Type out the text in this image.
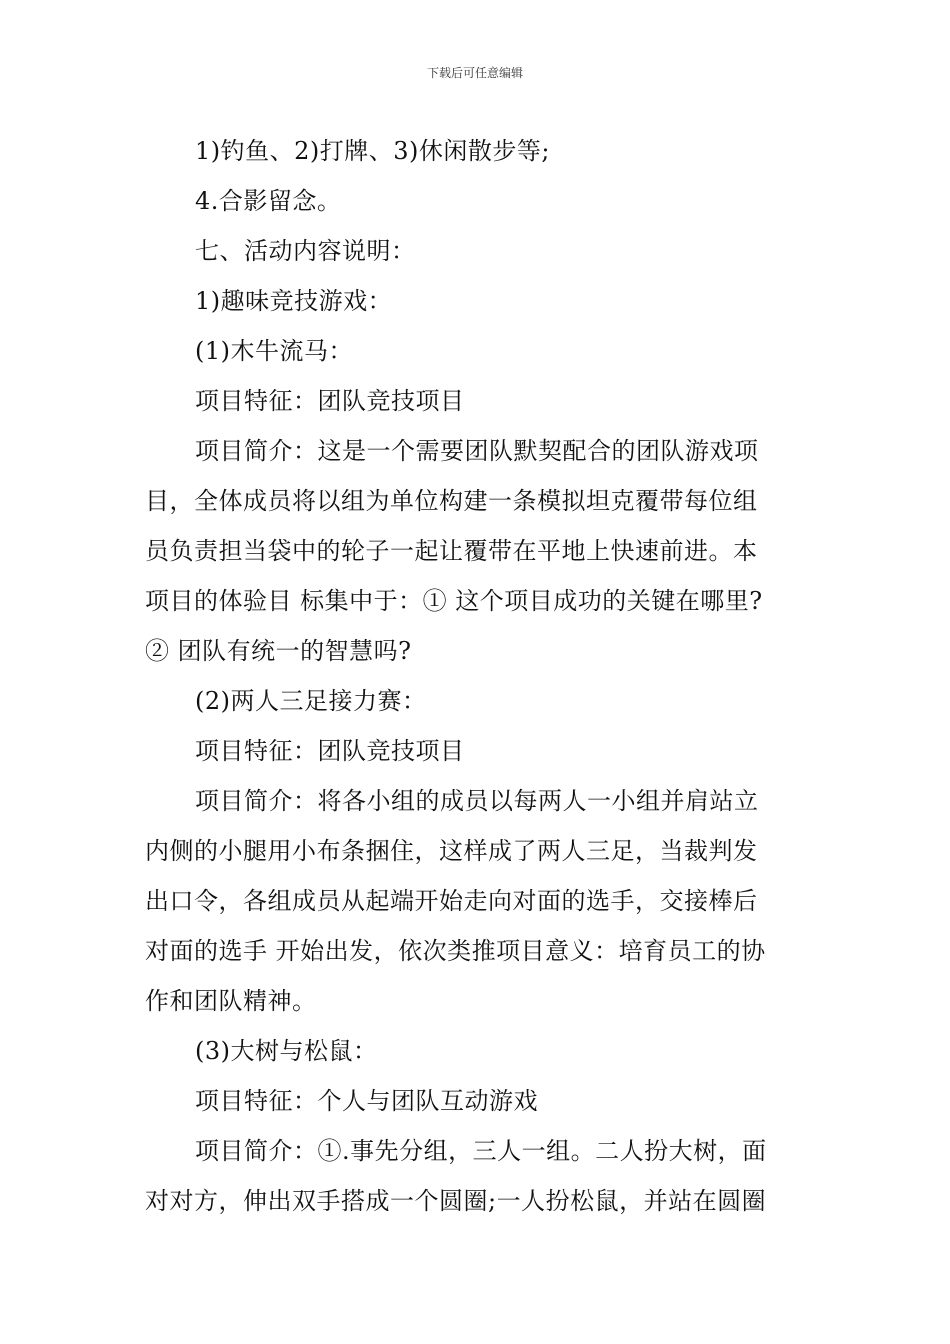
下载后可任意编辑
1)钓鱼、2)打牌、3)休闲散步等;
4.合影留念。
七、活动内容说明：
1)趣味竞技游戏：
(1)木牛流马：
项目特征：团队竞技项目
项目简介：这是一个需要团队默契配合的团队游戏项
目，全体成员将以组为单位构建一条模拟坦克覆带每位组
员负责担当袋中的轮子一起让覆带在平地上快速前进。本
项目的体验目 标集中于：① 这个项目成功的关键在哪里?
② 团队有统一的智慧吗?
(2)两人三足接力赛：
项目特征：团队竞技项目
项目简介：将各小组的成员以每两人一小组并肩站立
内侧的小腿用小布条捆住，这样成了两人三足，当裁判发
出口令，各组成员从起端开始走向对面的选手，交接棒后
对面的选手 开始出发，依次类推项目意义：培育员工的协
作和团队精神。
(3)大树与松鼠：
项目特征：个人与团队互动游戏
项目简介：①.事先分组，三人一组。二人扮大树，面
对对方，伸出双手搭成一个圆圈;一人扮松鼠，并站在圆圈
